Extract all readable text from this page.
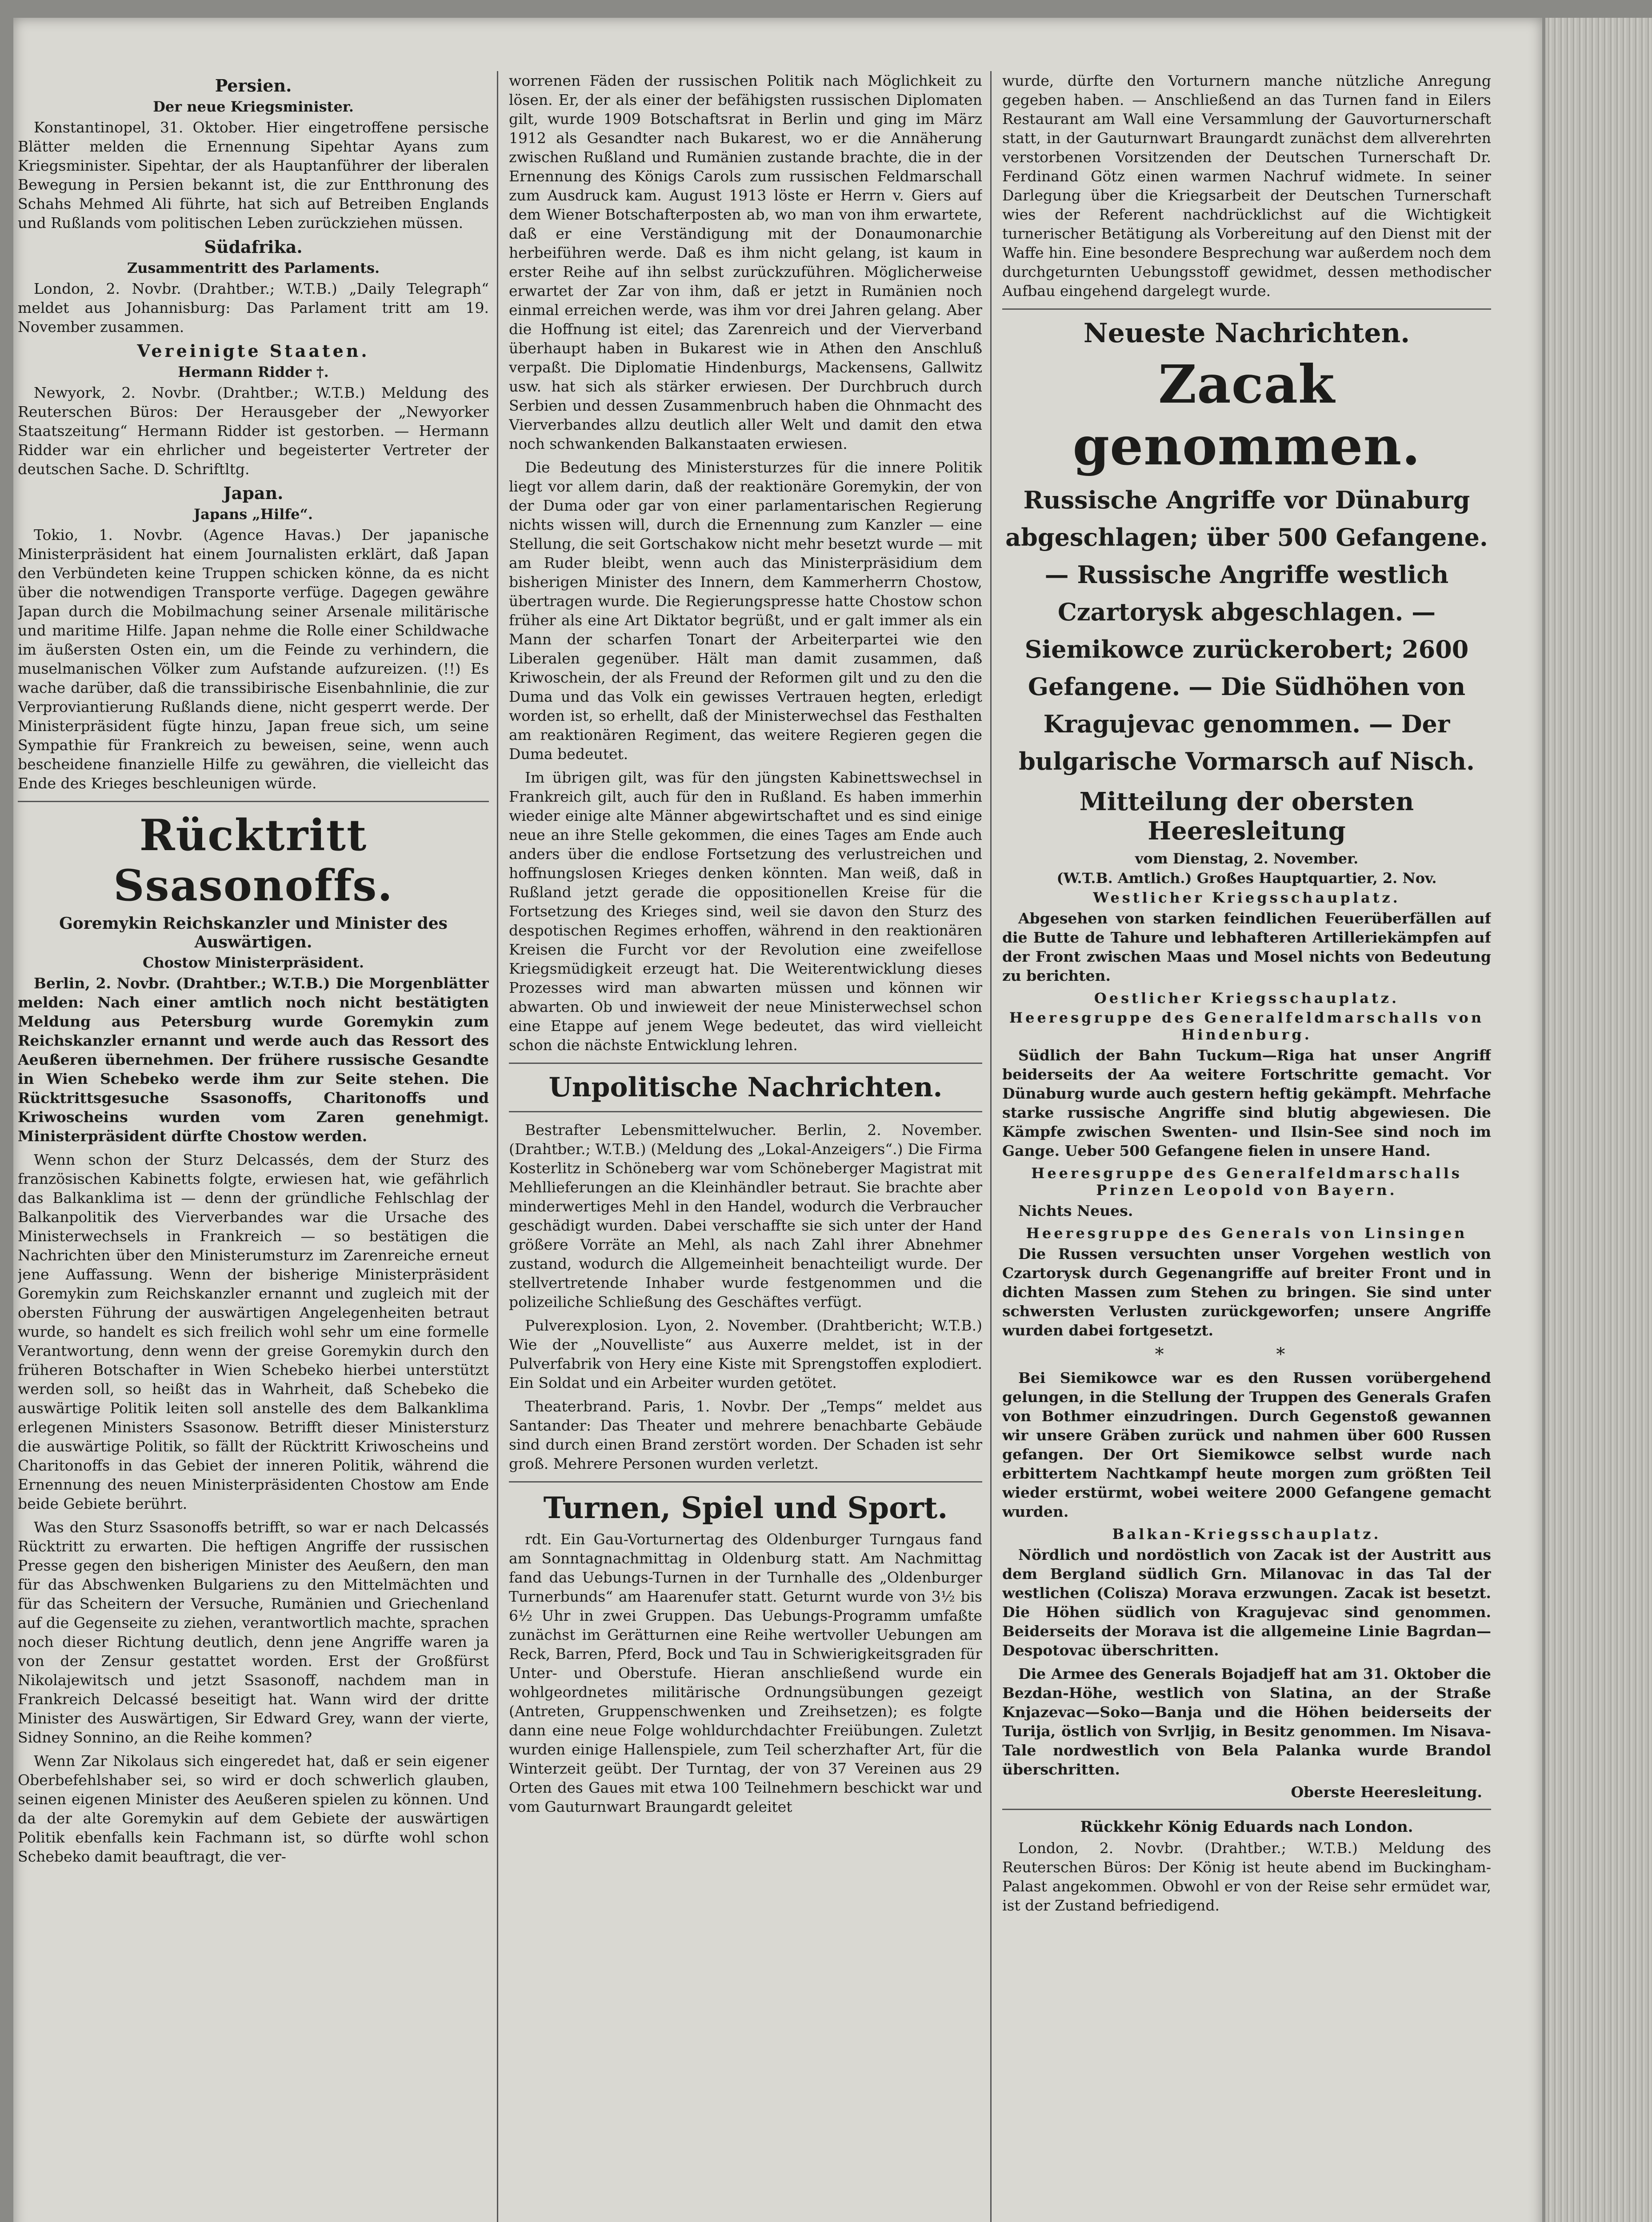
Persien.
Der neue Kriegsminister.

Konstantinopel, 31. Oktober. Hier eingetroffene persische Blätter melden die Ernennung Sipehtar Ayans zum Kriegsminister. Sipehtar, der als Hauptanführer der liberalen Bewegung in Persien bekannt ist, die zur Entthronung des Schahs Mehmed Ali führte, hat sich auf Betreiben Englands und Rußlands vom politischen Leben zurückziehen müssen.

Südafrika.
Zusammentritt des Parlaments.

London, 2. Novbr. (Drahtber.; W.T.B.) „Daily Telegraph“ meldet aus Johannisburg: Das Parlament tritt am 19. November zusammen.

Vereinigte Staaten.
Hermann Ridder †.

Newyork, 2. Novbr. (Drahtber.; W.T.B.) Meldung des Reuterschen Büros: Der Herausgeber der „Newyorker Staatszeitung“ Hermann Ridder ist gestorben. — Hermann Ridder war ein ehrlicher und begeisterter Vertreter der deutschen Sache. D. Schriftltg.

Japan.
Japans „Hilfe“.

Tokio, 1. Novbr. (Agence Havas.) Der japanische Ministerpräsident hat einem Journalisten erklärt, daß Japan den Verbündeten keine Truppen schicken könne, da es nicht über die notwendigen Transporte verfüge. Dagegen gewähre Japan durch die Mobilmachung seiner Arsenale militärische und maritime Hilfe. Japan nehme die Rolle einer Schildwache im äußersten Osten ein, um die Feinde zu verhindern, die muselmanischen Völker zum Aufstande aufzureizen. (!!) Es wache darüber, daß die transsibirische Eisenbahnlinie, die zur Verproviantierung Rußlands diene, nicht gesperrt werde. Der Ministerpräsident fügte hinzu, Japan freue sich, um seine Sympathie für Frankreich zu beweisen, seine, wenn auch bescheidene finanzielle Hilfe zu gewähren, die vielleicht das Ende des Krieges beschleunigen würde.

Rücktritt Ssasonoffs.
Goremykin Reichskanzler und Minister des Auswärtigen.
Chostow Ministerpräsident.

Berlin, 2. Novbr. (Drahtber.; W.T.B.) Die Morgenblätter melden: Nach einer amtlich noch nicht bestätigten Meldung aus Petersburg wurde Goremykin zum Reichskanzler ernannt und werde auch das Ressort des Aeußeren übernehmen. Der frühere russische Gesandte in Wien Schebeko werde ihm zur Seite stehen. Die Rücktrittsgesuche Ssasonoffs, Charitonoffs und Kriwoscheins wurden vom Zaren genehmigt. Ministerpräsident dürfte Chostow werden.

Wenn schon der Sturz Delcassés, dem der Sturz des französischen Kabinetts folgte, erwiesen hat, wie gefährlich das Balkanklima ist — denn der gründliche Fehlschlag der Balkanpolitik des Vierverbandes war die Ursache des Ministerwechsels in Frankreich — so bestätigen die Nachrichten über den Ministerumsturz im Zarenreiche erneut jene Auffassung. Wenn der bisherige Ministerpräsident Goremykin zum Reichskanzler ernannt und zugleich mit der obersten Führung der auswärtigen Angelegenheiten betraut wurde, so handelt es sich freilich wohl sehr um eine formelle Verantwortung, denn wenn der greise Goremykin durch den früheren Botschafter in Wien Schebeko hierbei unterstützt werden soll, so heißt das in Wahrheit, daß Schebeko die auswärtige Politik leiten soll anstelle des dem Balkanklima erlegenen Ministers Ssasonow. Betrifft dieser Ministersturz die auswärtige Politik, so fällt der Rücktritt Kriwoscheins und Charitonoffs in das Gebiet der inneren Politik, während die Ernennung des neuen Ministerpräsidenten Chostow am Ende beide Gebiete berührt.

Was den Sturz Ssasonoffs betrifft, so war er nach Delcassés Rücktritt zu erwarten. Die heftigen Angriffe der russischen Presse gegen den bisherigen Minister des Aeußern, den man für das Abschwenken Bulgariens zu den Mittelmächten und für das Scheitern der Versuche, Rumänien und Griechenland auf die Gegenseite zu ziehen, verantwortlich machte, sprachen noch dieser Richtung deutlich, denn jene Angriffe waren ja von der Zensur gestattet worden. Erst der Großfürst Nikolajewitsch und jetzt Ssasonoff, nachdem man in Frankreich Delcassé beseitigt hat. Wann wird der dritte Minister des Auswärtigen, Sir Edward Grey, wann der vierte, Sidney Sonnino, an die Reihe kommen?

Wenn Zar Nikolaus sich eingeredet hat, daß er sein eigener Oberbefehlshaber sei, so wird er doch schwerlich glauben, seinen eigenen Minister des Aeußeren spielen zu können. Und da der alte Goremykin auf dem Gebiete der auswärtigen Politik ebenfalls kein Fachmann ist, so dürfte wohl schon Schebeko damit beauftragt, die ver-

worrenen Fäden der russischen Politik nach Möglichkeit zu lösen. Er, der als einer der befähigsten russischen Diplomaten gilt, wurde 1909 Botschaftsrat in Berlin und ging im März 1912 als Gesandter nach Bukarest, wo er die Annäherung zwischen Rußland und Rumänien zustande brachte, die in der Ernennung des Königs Carols zum russischen Feldmarschall zum Ausdruck kam. August 1913 löste er Herrn v. Giers auf dem Wiener Botschafterposten ab, wo man von ihm erwartete, daß er eine Verständigung mit der Donaumonarchie herbeiführen werde. Daß es ihm nicht gelang, ist kaum in erster Reihe auf ihn selbst zurückzuführen. Möglicherweise erwartet der Zar von ihm, daß er jetzt in Rumänien noch einmal erreichen werde, was ihm vor drei Jahren gelang. Aber die Hoffnung ist eitel; das Zarenreich und der Vierverband überhaupt haben in Bukarest wie in Athen den Anschluß verpaßt. Die Diplomatie Hindenburgs, Mackensens, Gallwitz usw. hat sich als stärker erwiesen. Der Durchbruch durch Serbien und dessen Zusammenbruch haben die Ohnmacht des Vierverbandes allzu deutlich aller Welt und damit den etwa noch schwankenden Balkanstaaten erwiesen.

Die Bedeutung des Ministersturzes für die innere Politik liegt vor allem darin, daß der reaktionäre Goremykin, der von der Duma oder gar von einer parlamentarischen Regierung nichts wissen will, durch die Ernennung zum Kanzler — eine Stellung, die seit Gortschakow nicht mehr besetzt wurde — mit am Ruder bleibt, wenn auch das Ministerpräsidium dem bisherigen Minister des Innern, dem Kammerherrn Chostow, übertragen wurde. Die Regierungspresse hatte Chostow schon früher als eine Art Diktator begrüßt, und er galt immer als ein Mann der scharfen Tonart der Arbeiterpartei wie den Liberalen gegenüber. Hält man damit zusammen, daß Kriwoschein, der als Freund der Reformen gilt und zu den die Duma und das Volk ein gewisses Vertrauen hegten, erledigt worden ist, so erhellt, daß der Ministerwechsel das Festhalten am reaktionären Regiment, das weitere Regieren gegen die Duma bedeutet.

Im übrigen gilt, was für den jüngsten Kabinettswechsel in Frankreich gilt, auch für den in Rußland. Es haben immerhin wieder einige alte Männer abgewirtschaftet und es sind einige neue an ihre Stelle gekommen, die eines Tages am Ende auch anders über die endlose Fortsetzung des verlustreichen und hoffnungslosen Krieges denken könnten. Man weiß, daß in Rußland jetzt gerade die oppositionellen Kreise für die Fortsetzung des Krieges sind, weil sie davon den Sturz des despotischen Regimes erhoffen, während in den reaktionären Kreisen die Furcht vor der Revolution eine zweifellose Kriegsmüdigkeit erzeugt hat. Die Weiterentwicklung dieses Prozesses wird man abwarten müssen und können wir abwarten. Ob und inwieweit der neue Ministerwechsel schon eine Etappe auf jenem Wege bedeutet, das wird vielleicht schon die nächste Entwicklung lehren.

Unpolitische Nachrichten.

Bestrafter Lebensmittelwucher. Berlin, 2. November. (Drahtber.; W.T.B.) (Meldung des „Lokal-Anzeigers“.) Die Firma Kosterlitz in Schöneberg war vom Schöneberger Magistrat mit Mehllieferungen an die Kleinhändler betraut. Sie brachte aber minderwertiges Mehl in den Handel, wodurch die Verbraucher geschädigt wurden. Dabei verschaffte sie sich unter der Hand größere Vorräte an Mehl, als nach Zahl ihrer Abnehmer zustand, wodurch die Allgemeinheit benachteiligt wurde. Der stellvertretende Inhaber wurde festgenommen und die polizeiliche Schließung des Geschäftes verfügt.

Pulverexplosion. Lyon, 2. November. (Drahtbericht; W.T.B.) Wie der „Nouvelliste“ aus Auxerre meldet, ist in der Pulverfabrik von Hery eine Kiste mit Sprengstoffen explodiert. Ein Soldat und ein Arbeiter wurden getötet.

Theaterbrand. Paris, 1. Novbr. Der „Temps“ meldet aus Santander: Das Theater und mehrere benachbarte Gebäude sind durch einen Brand zerstört worden. Der Schaden ist sehr groß. Mehrere Personen wurden verletzt.

Turnen, Spiel und Sport.

rdt. Ein Gau-Vorturnertag des Oldenburger Turngaus fand am Sonntagnachmittag in Oldenburg statt. Am Nachmittag fand das Uebungs-Turnen in der Turnhalle des „Oldenburger Turnerbunds“ am Haarenufer statt. Geturnt wurde von 3½ bis 6½ Uhr in zwei Gruppen. Das Uebungs-Programm umfaßte zunächst im Gerätturnen eine Reihe wertvoller Uebungen am Reck, Barren, Pferd, Bock und Tau in Schwierigkeitsgraden für Unter- und Oberstufe. Hieran anschließend wurde ein wohlgeordnetes militärische Ordnungsübungen gezeigt (Antreten, Gruppenschwenken und Zreihsetzen); es folgte dann eine neue Folge wohldurchdachter Freiübungen. Zuletzt wurden einige Hallenspiele, zum Teil scherzhafter Art, für die Winterzeit geübt. Der Turntag, der von 37 Vereinen aus 29 Orten des Gaues mit etwa 100 Teilnehmern beschickt war und vom Gauturnwart Braungardt geleitet

wurde, dürfte den Vorturnern manche nützliche Anregung gegeben haben. — Anschließend an das Turnen fand in Eilers Restaurant am Wall eine Versammlung der Gauvorturnerschaft statt, in der Gauturnwart Braungardt zunächst dem allverehrten verstorbenen Vorsitzenden der Deutschen Turnerschaft Dr. Ferdinand Götz einen warmen Nachruf widmete. In seiner Darlegung über die Kriegsarbeit der Deutschen Turnerschaft wies der Referent nachdrücklichst auf die Wichtigkeit turnerischer Betätigung als Vorbereitung auf den Dienst mit der Waffe hin. Eine besondere Besprechung war außerdem noch dem durchgeturnten Uebungsstoff gewidmet, dessen methodischer Aufbau eingehend dargelegt wurde.

Neueste Nachrichten.
Zacak genommen.
Russische Angriffe vor Dünaburg abgeschlagen; über 500 Gefangene. — Russische Angriffe westlich Czartorysk abgeschlagen. — Siemikowce zurückerobert; 2600 Gefangene. — Die Südhöhen von Kragujevac genommen. — Der bulgarische Vormarsch auf Nisch.
Mitteilung der obersten Heeresleitung
vom Dienstag, 2. November.
(W.T.B. Amtlich.) Großes Hauptquartier, 2. Nov.
Westlicher Kriegsschauplatz.

Abgesehen von starken feindlichen Feuerüberfällen auf die Butte de Tahure und lebhafteren Artilleriekämpfen auf der Front zwischen Maas und Mosel nichts von Bedeutung zu berichten.

Oestlicher Kriegsschauplatz.
Heeresgruppe des Generalfeldmarschalls von Hindenburg.

Südlich der Bahn Tuckum—Riga hat unser Angriff beiderseits der Aa weitere Fortschritte gemacht. Vor Dünaburg wurde auch gestern heftig gekämpft. Mehrfache starke russische Angriffe sind blutig abgewiesen. Die Kämpfe zwischen Swenten- und Ilsin-See sind noch im Gange. Ueber 500 Gefangene fielen in unsere Hand.

Heeresgruppe des Generalfeldmarschalls Prinzen Leopold von Bayern.

Nichts Neues.

Heeresgruppe des Generals von Linsingen

Die Russen versuchten unser Vorgehen westlich von Czartorysk durch Gegenangriffe auf breiter Front und in dichten Massen zum Stehen zu bringen. Sie sind unter schwersten Verlusten zurückgeworfen; unsere Angriffe wurden dabei fortgesetzt.

* *

Bei Siemikowce war es den Russen vorübergehend gelungen, in die Stellung der Truppen des Generals Grafen von Bothmer einzudringen. Durch Gegenstoß gewannen wir unsere Gräben zurück und nahmen über 600 Russen gefangen. Der Ort Siemikowce selbst wurde nach erbittertem Nachtkampf heute morgen zum größten Teil wieder erstürmt, wobei weitere 2000 Gefangene gemacht wurden.

Balkan-Kriegsschauplatz.

Nördlich und nordöstlich von Zacak ist der Austritt aus dem Bergland südlich Grn. Milanovac in das Tal der westlichen (Colisza) Morava erzwungen. Zacak ist besetzt. Die Höhen südlich von Kragujevac sind genommen. Beiderseits der Morava ist die allgemeine Linie Bagrdan—Despotovac überschritten.

Die Armee des Generals Bojadjeff hat am 31. Oktober die Bezdan-Höhe, westlich von Slatina, an der Straße Knjazevac—Soko—Banja und die Höhen beiderseits der Turija, östlich von Svrljig, in Besitz genommen. Im Nisava-Tale nordwestlich von Bela Palanka wurde Brandol überschritten.

Oberste Heeresleitung.
Rückkehr König Eduards nach London.

London, 2. Novbr. (Drahtber.; W.T.B.) Meldung des Reuterschen Büros: Der König ist heute abend im Buckingham-Palast angekommen. Obwohl er von der Reise sehr ermüdet war, ist der Zustand befriedigend.
